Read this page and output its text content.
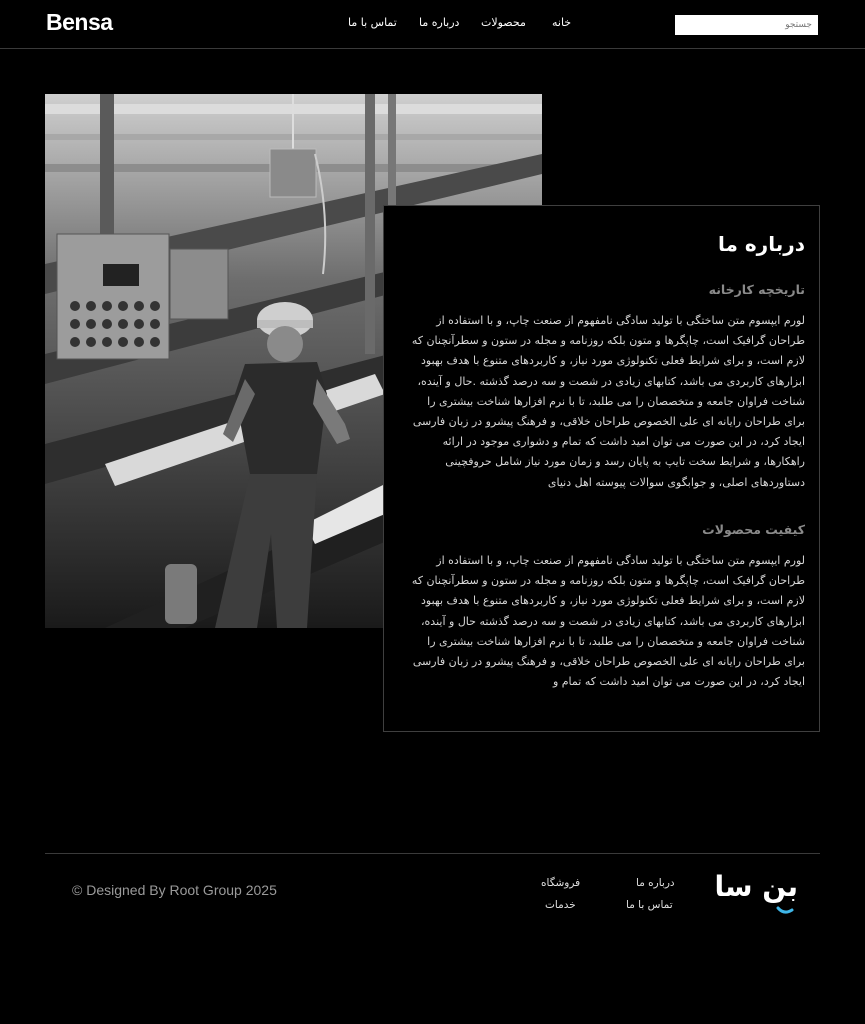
Bensa	خانه
محصولات
درباره ما
تماس با ما
جستجو
درباره ما
تاریخچه کارخانه
لورم ایپسوم متن ساختگی با تولید سادگی نامفهوم از صنعت چاپ، و با استفاده از طراحان گرافیک است، چاپگرها و متون بلکه روزنامه و مجله در ستون و سطرآنچنان که لازم است، و برای شرایط فعلی تکنولوژی مورد نیاز، و کاربردهای متنوع با هدف بهبود ابزارهای کاربردی می باشد، کتابهای زیادی در شصت و سه درصد گذشته .حال و آینده، شناخت فراوان جامعه و متخصصان را می طلبد، تا با نرم افزارها شناخت بیشتری را برای طراحان رایانه ای علی الخصوص طراحان خلاقی، و فرهنگ پیشرو در زبان فارسی ایجاد کرد، در این صورت می توان امید داشت که تمام و دشواری موجود در ارائه راهکارها، و شرایط سخت تایپ به پایان رسد و زمان مورد نیاز شامل حروفچینی دستاوردهای اصلی، و جوابگوی سوالات پیوسته اهل دنیای
کیفیت محصولات
لورم ایپسوم متن ساختگی با تولید سادگی نامفهوم از صنعت چاپ، و با استفاده از طراحان گرافیک است، چاپگرها و متون بلکه روزنامه و مجله در ستون و سطرآنچنان که لازم است، و برای شرایط فعلی تکنولوژی مورد نیاز، و کاربردهای متنوع با هدف بهبود ابزارهای کاربردی می باشد، کتابهای زیادی در شصت و سه درصد گذشته حال و آینده، شناخت فراوان جامعه و متخصصان را می طلبد، تا با نرم افزارها شناخت بیشتری را برای طراحان رایانه ای علی الخصوص طراحان خلاقی، و فرهنگ پیشرو در زبان فارسی ایجاد کرد، در این صورت می توان امید داشت که تمام و
© Designed By Root Group 2025	درباره ما
تماس با ما
فروشگاه
خدمات
بن سا
